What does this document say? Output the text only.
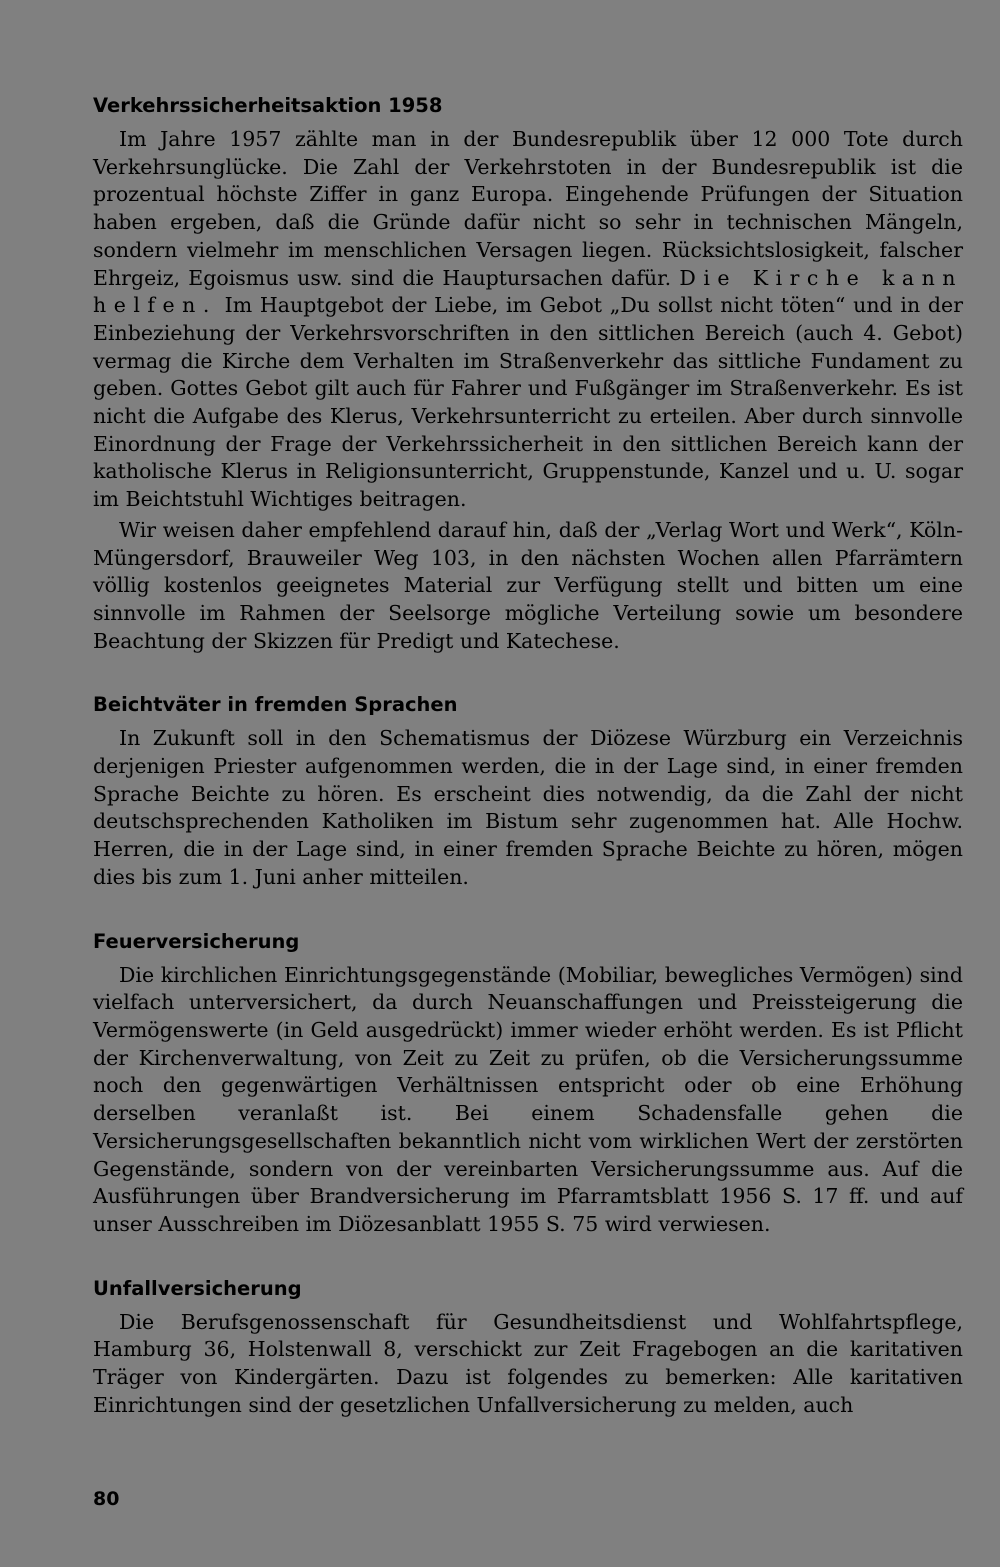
Verkehrssicherheitsaktion 1958

Im Jahre 1957 zählte man in der Bundesrepublik über 12 000 Tote durch Verkehrsunglücke. Die Zahl der Verkehrstoten in der Bundesrepublik ist die prozentual höchste Ziffer in ganz Europa. Eingehende Prüfungen der Situation haben ergeben, daß die Gründe dafür nicht so sehr in technischen Mängeln, sondern vielmehr im menschlichen Versagen liegen. Rücksichtslosigkeit, falscher Ehrgeiz, Egoismus usw. sind die Hauptursachen dafür. Die Kirche kann helfen. Im Hauptgebot der Liebe, im Gebot „Du sollst nicht töten“ und in der Einbeziehung der Verkehrsvorschriften in den sittlichen Bereich (auch 4. Gebot) vermag die Kirche dem Verhalten im Straßenverkehr das sittliche Fundament zu geben. Gottes Gebot gilt auch für Fahrer und Fußgänger im Straßenverkehr. Es ist nicht die Aufgabe des Klerus, Verkehrsunterricht zu erteilen. Aber durch sinnvolle Einordnung der Frage der Verkehrssicherheit in den sittlichen Bereich kann der katholische Klerus in Religionsunterricht, Gruppenstunde, Kanzel und u. U. sogar im Beichtstuhl Wichtiges beitragen.

Wir weisen daher empfehlend darauf hin, daß der „Verlag Wort und Werk“, Köln-Müngersdorf, Brauweiler Weg 103, in den nächsten Wochen allen Pfarrämtern völlig kostenlos geeignetes Material zur Verfügung stellt und bitten um eine sinnvolle im Rahmen der Seelsorge mögliche Verteilung sowie um besondere Beachtung der Skizzen für Predigt und Katechese.

Beichtväter in fremden Sprachen

In Zukunft soll in den Schematismus der Diözese Würzburg ein Verzeichnis derjenigen Priester aufgenommen werden, die in der Lage sind, in einer fremden Sprache Beichte zu hören. Es erscheint dies notwendig, da die Zahl der nicht deutschsprechenden Katholiken im Bistum sehr zugenommen hat. Alle Hochw. Herren, die in der Lage sind, in einer fremden Sprache Beichte zu hören, mögen dies bis zum 1. Juni anher mitteilen.

Feuerversicherung

Die kirchlichen Einrichtungsgegenstände (Mobiliar, bewegliches Vermögen) sind vielfach unterversichert, da durch Neuanschaffungen und Preissteigerung die Vermögenswerte (in Geld ausgedrückt) immer wieder erhöht werden. Es ist Pflicht der Kirchenverwaltung, von Zeit zu Zeit zu prüfen, ob die Versicherungssumme noch den gegenwärtigen Verhältnissen entspricht oder ob eine Erhöhung derselben veranlaßt ist. Bei einem Schadensfalle gehen die Versicherungsgesellschaften bekanntlich nicht vom wirklichen Wert der zerstörten Gegenstände, sondern von der vereinbarten Versicherungssumme aus. Auf die Ausführungen über Brandversicherung im Pfarramtsblatt 1956 S. 17 ff. und auf unser Ausschreiben im Diözesanblatt 1955 S. 75 wird verwiesen.

Unfallversicherung

Die Berufsgenossenschaft für Gesundheitsdienst und Wohlfahrtspflege, Hamburg 36, Holstenwall 8, verschickt zur Zeit Fragebogen an die karitativen Träger von Kindergärten. Dazu ist folgendes zu bemerken: Alle karitativen Einrichtungen sind der gesetzlichen Unfallversicherung zu melden, auch

80
